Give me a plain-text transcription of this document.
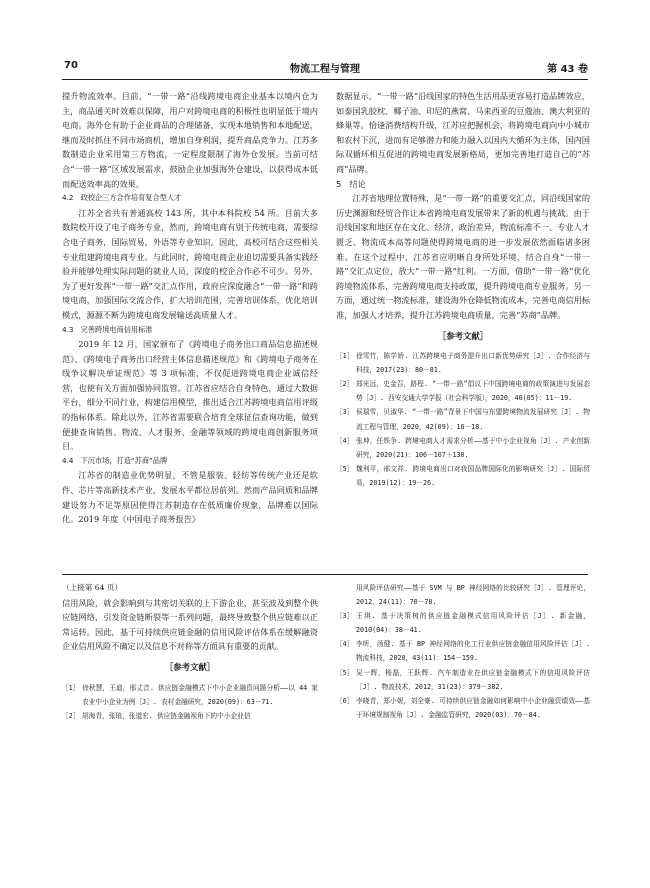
70	物流工程与管理	第 43 卷

提升物流效率。目前，“一带一路”沿线跨境电商企业基本以境内仓为主，商品通关时效难以保障，用户对跨境电商的积极性也明显低于境内电商。海外仓有助于企业商品的合理储备，实现本地销售和本地配送，继而及时抓住不同市场商机，增加自身利润，提升商品竞争力。江苏多数制造企业采用第三方物流，一定程度限制了海外仓发展。当前可结合“一带一路”区域发展需求，鼓励企业加强海外仓建设，以获得成本低而配送效率高的效果。

4.2　政校企三方合作培育复合型人才

江苏全省共有普通高校 143 所，其中本科院校 54 所。目前大多数院校开设了电子商务专业，然而，跨境电商有别于传统电商，需要综合电子商务，国际贸易，外语等专业知识。因此，高校可结合这些相关专业组建跨境电商专业。与此同时，跨境电商企业迫切需要具备实践经验并能够处理实际问题的就业人员，深度的校企合作必不可少。另外，为了更好发挥“一带一路”交汇点作用，政府应深度融合“一带一路”和跨境电商，加强国际交流合作，扩大培训范围，完善培训体系，优化培训模式，源源不断为跨境电商发展输送高质量人才。

4.3　完善跨境电商信用标准

2019 年 12 月，国家颁布了《跨境电子商务出口商品信息描述规范》、《跨境电子商务出口经营主体信息描述规范》和《跨境电子商务在线争议解决单证规范》等 3 项标准，不仅促进跨境电商企业诚信经营，也使有关方面加强协同监管。江苏省应结合自身特色，通过大数据平台，细分不同行业，构建信用模型，推出适合江苏跨境电商信用评级的指标体系。除此以外，江苏省需要联合培育全球征信查询功能，做到便捷查询销售、物流、人才服务、金融等领域的跨境电商创新服务项目。

4.4　下沉市场，打造“苏商”品牌

江苏省的制造业优势明显，不管是服装、轻纺等传统产业还是软件、芯片等高新技术产业，发展水平都位居前列。然而产品同质和品牌建设努力不足等原因使得江苏制造存在低质廉价现象，品牌难以国际化。2019 年度《中国电子商务报告》

数据显示，“一带一路”沿线国家的特色生活用品更容易打造品牌效应，如泰国乳胶枕、椰子油、印尼的燕窝、马来西亚的豆蔻油、澳大利亚的蜂巢等。恰逢消费结构升级，江苏应把握机会，将跨境电商向中小城市和农村下沉，进而有足够潜力和能力融入以国内大循环为主体，国内国际双循环相互促进的跨境电商发展新格局，更加完善地打造自己的“苏商”品牌。

5　结论

江苏省地理位置特殊，是“一带一路”的重要交汇点，同沿线国家的历史渊源和经贸合作让本省跨境电商发展带来了新的机遇与挑战。由于沿线国家和地区存在文化、经济、政治差异，物流标准不一、专业人才匮乏、物流成本高等问题使得跨境电商的进一步发展依然面临诸多困难。在这个过程中，江苏省应明晰自身所处环境，结合自身“一带一路”交汇点定位，放大“一带一路”红利。一方面，借助“一带一路”优化跨境物流体系，完善跨境电商支持政策，提升跨境电商专业服务。另一方面，通过统一物流标准，建设海外仓降低物流成本，完善电商信用标准，加强人才培养，提升江苏跨境电商质量，完善“苏商”品牌。

［参考文献］
［1］ 徐雪竹，陈学娇. 江苏跨境电子商务提升出口新优势研究［J］. 合作经济与科技，2017(23)：80－81.
［2］ 郑光远，史金召，路程. “一带一路”倡议下中国跨境电商的政策演进与发展态势［J］. 西安交通大学学报（社会科学版），2020，40(05)：11－19.
［3］ 侯瑞雪，贝淑华. “一带一路”背景下中国与东盟跨境物流发展研究［J］. 物流工程与管理，2020，42(09)：16－18.
［4］ 张坤，任铁争. 跨境电商人才需求分析——基于中小企业视角［J］. 产业创新研究，2020(21)：106－107＋130.
［5］ 魏利平，邢文祥. 跨境电商出口对我国品牌国际化的影响研究［J］. 国际贸易，2019(12)：19－26.
（上接第 64 页）

信用风险，就会影响到与其密切关联的上下游企业，甚至波及到整个供应链网络，引发资金链断裂等一系列问题，最终导致整个供应链难以正常运转。因此，基于可持续供应链金融的信用风险评估体系在缓解融资企业信用风险不确定以及信息不对称等方面具有重要的贡献。

［参考文献］
［1］ 徐秋慧，王迪，邢丈音. 供应链金融模式下中小企业融资问题分析——以 44 家农业中小企业为例［J］. 农村金融研究，2020(09)：63－71.
［2］ 胡海青，张琅，张道宏. 供应链金融视角下的中小企业信
用风险评估研究——基于 SVM 与 BP 神经网络的比较研究［J］. 管理评论，2012，24(11)：70－78.
［3］ 王琪. 基于决策树的供应链金融模式信用风险评估［J］. 新金融，2010(04)：38－41.
［4］ 李昕，汤健. 基于 BP 神经网络的化工行业供应链金融信用风险评估［J］. 物流科技，2020，43(11)：154－159.
［5］ 吴一辉，杨磊，王跃辉. 汽车制造业在供应链金融模式下的信用风险评估［J］. 物流技术，2012，31(23)：379－382.
［6］ 李晓青，郑小妮，刘全豪. 可持续供应链金融如何影响中小企业融资绩效——基于环境规制视角［J］. 金融监管研究，2020(03)：70－84.
